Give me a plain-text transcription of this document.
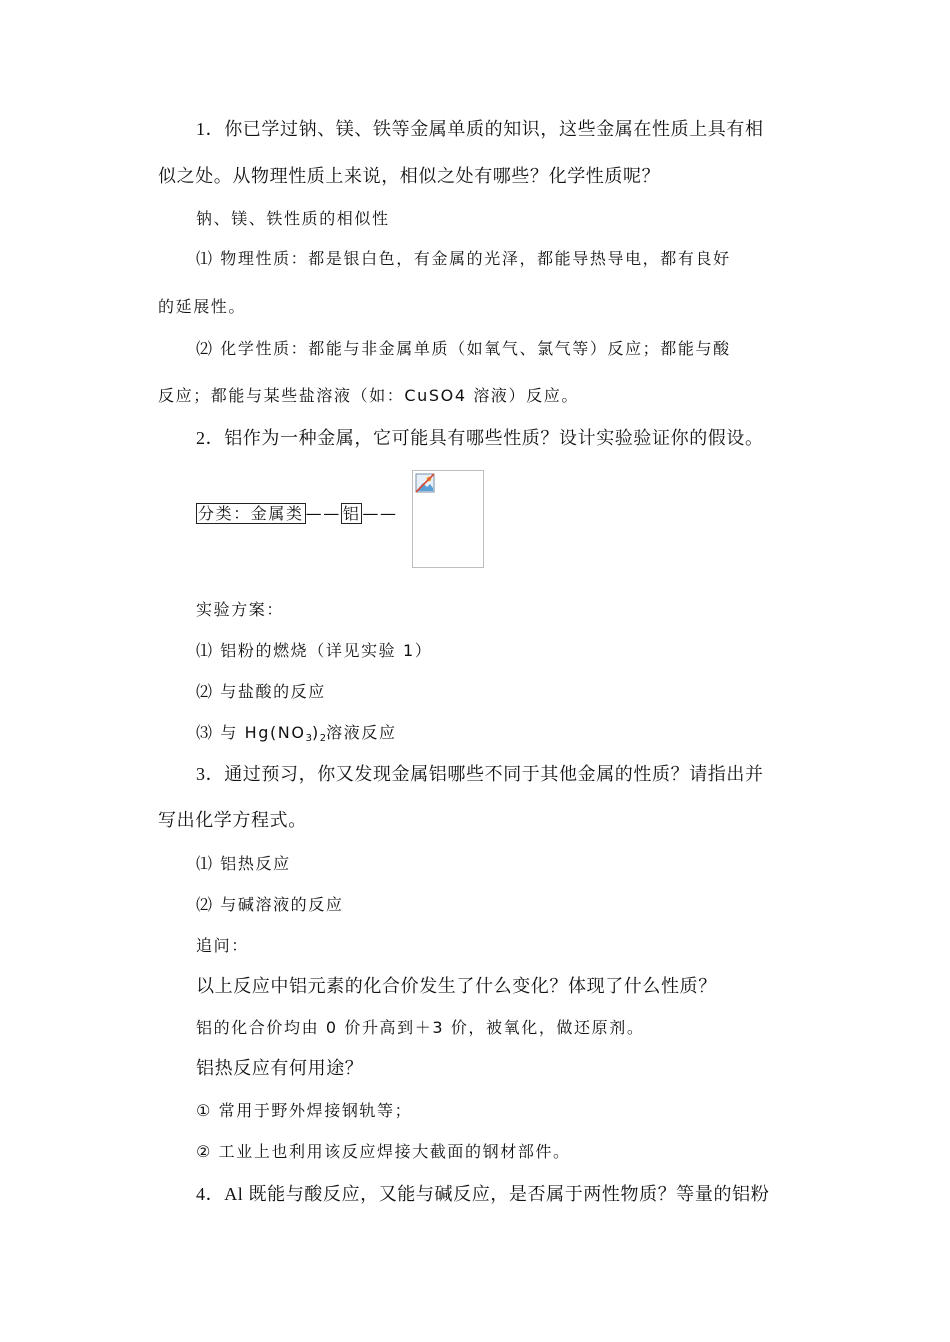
1．你已学过钠、镁、铁等金属单质的知识，这些金属在性质上具有相
似之处。从物理性质上来说，相似之处有哪些？化学性质呢？
钠、镁、铁性质的相似性
⑴ 物理性质：都是银白色，有金属的光泽，都能导热导电，都有良好
的延展性。
⑵ 化学性质：都能与非金属单质（如氧气、氯气等）反应；都能与酸
反应；都能与某些盐溶液（如：CuSO4 溶液）反应。
2．铝作为一种金属，它可能具有哪些性质？设计实验验证你的假设。
分类：金属类 —— 铝 ——
实验方案：
⑴ 铝粉的燃烧（详见实验 1）
⑵ 与盐酸的反应
⑶ 与 $Hg(NO_3)_2$溶液反应
3．通过预习，你又发现金属铝哪些不同于其他金属的性质？请指出并
写出化学方程式。
⑴ 铝热反应
⑵ 与碱溶液的反应
追问：
以上反应中铝元素的化合价发生了什么变化？体现了什么性质？
铝的化合价均由 0 价升高到＋3 价，被氧化，做还原剂。
铝热反应有何用途？
① 常用于野外焊接钢轨等；
② 工业上也利用该反应焊接大截面的钢材部件。
4．Al 既能与酸反应，又能与碱反应，是否属于两性物质？等量的铝粉
